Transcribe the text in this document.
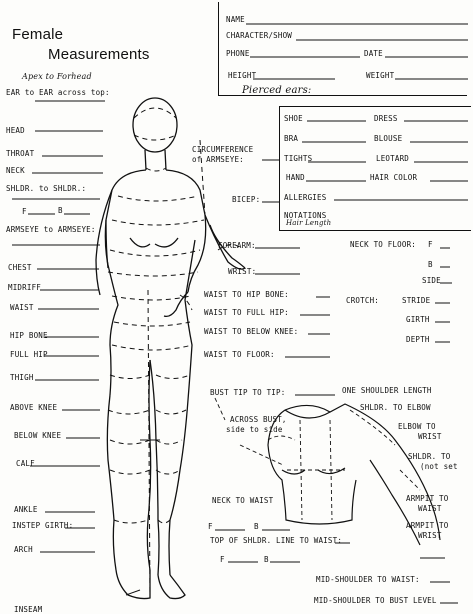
Female
Measurements
Apex to Forhead
NAME
CHARACTER/SHOW
PHONE	DATE
HEIGHT	WEIGHT
Pierced ears:
SHOE	DRESS
BRA	BLOUSE
TIGHTS	LEOTARD
HAND	HAIR COLOR
ALLERGIES
NOTATIONS
Hair Length
EAR to EAR across top:
HEAD
THROAT
NECK
SHLDR. to SHLDR.:
F	B
ARMSEYE to ARMSEYE:
CHEST
MIDRIFF
WAIST
HIP BONE
FULL HIP
THIGH
ABOVE KNEE
BELOW KNEE
CALF
ANKLE
INSTEP GIRTH:
ARCH
INSEAM
CIRCUMFERENCE
of ARMSEYE:
BICEP:
FOREARM:
WRIST:
WAIST TO HIP BONE:
WAIST TO FULL HIP:
WAIST TO BELOW KNEE:
WAIST TO FLOOR:
NECK TO FLOOR: F
B
SIDE
CROTCH:	STRIDE
GIRTH
DEPTH
BUST TIP TO TIP:
ACROSS BUST,
side to side
ONE SHOULDER LENGTH
SHLDR. TO ELBOW
ELBOW TO
WRIST
SHLDR. TO
(not set
NECK TO WAIST
F	B
ARMPIT TO
WAIST
ARMPIT TO
WRIST
TOP OF SHLDR. LINE TO WAIST:
F	B
MID-SHOULDER TO WAIST:
MID-SHOULDER TO BUST LEVEL
